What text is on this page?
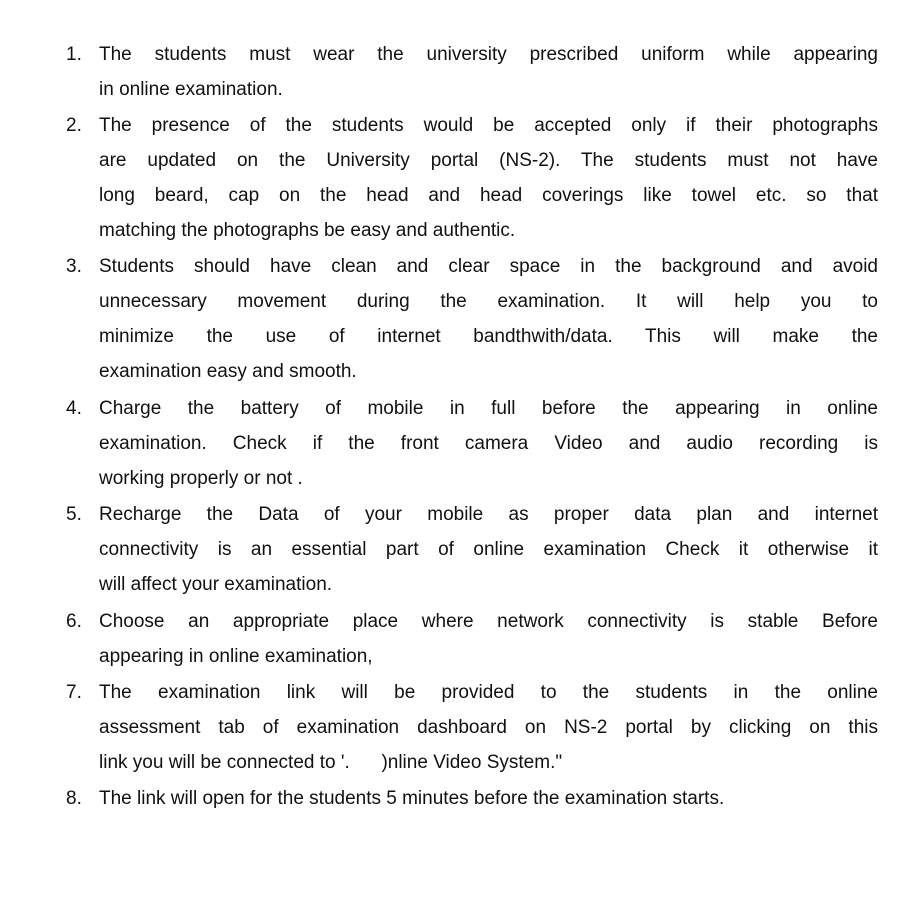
1. The students must wear the university prescribed uniform while appearing
in online examination.
2. The presence of the students would be accepted only if their photographs
are updated on the University portal (NS-2). The students must not have
long beard, cap on the head and head coverings like towel etc. so that
matching the photographs be easy and authentic.
3. Students should have clean and clear space in the background and avoid
unnecessary movement during the examination. It will help you to
minimize the use of internet bandthwith/data. This will make the
examination easy and smooth.
4. Charge the battery of mobile in full before the appearing in online
examination. Check if the front camera Video and audio recording is
working properly or not .
5. Recharge the Data of your mobile as proper data plan and internet
connectivity is an essential part of online examination Check it otherwise it
will affect your examination.
6. Choose an appropriate place where network connectivity is stable Before
appearing in online examination,
7. The examination link will be provided to the students in the online
assessment tab of examination dashboard on NS-2 portal by clicking on this
link you will be connected to '.      )nline Video System."
8. The link will open for the students 5 minutes before the examination starts.
